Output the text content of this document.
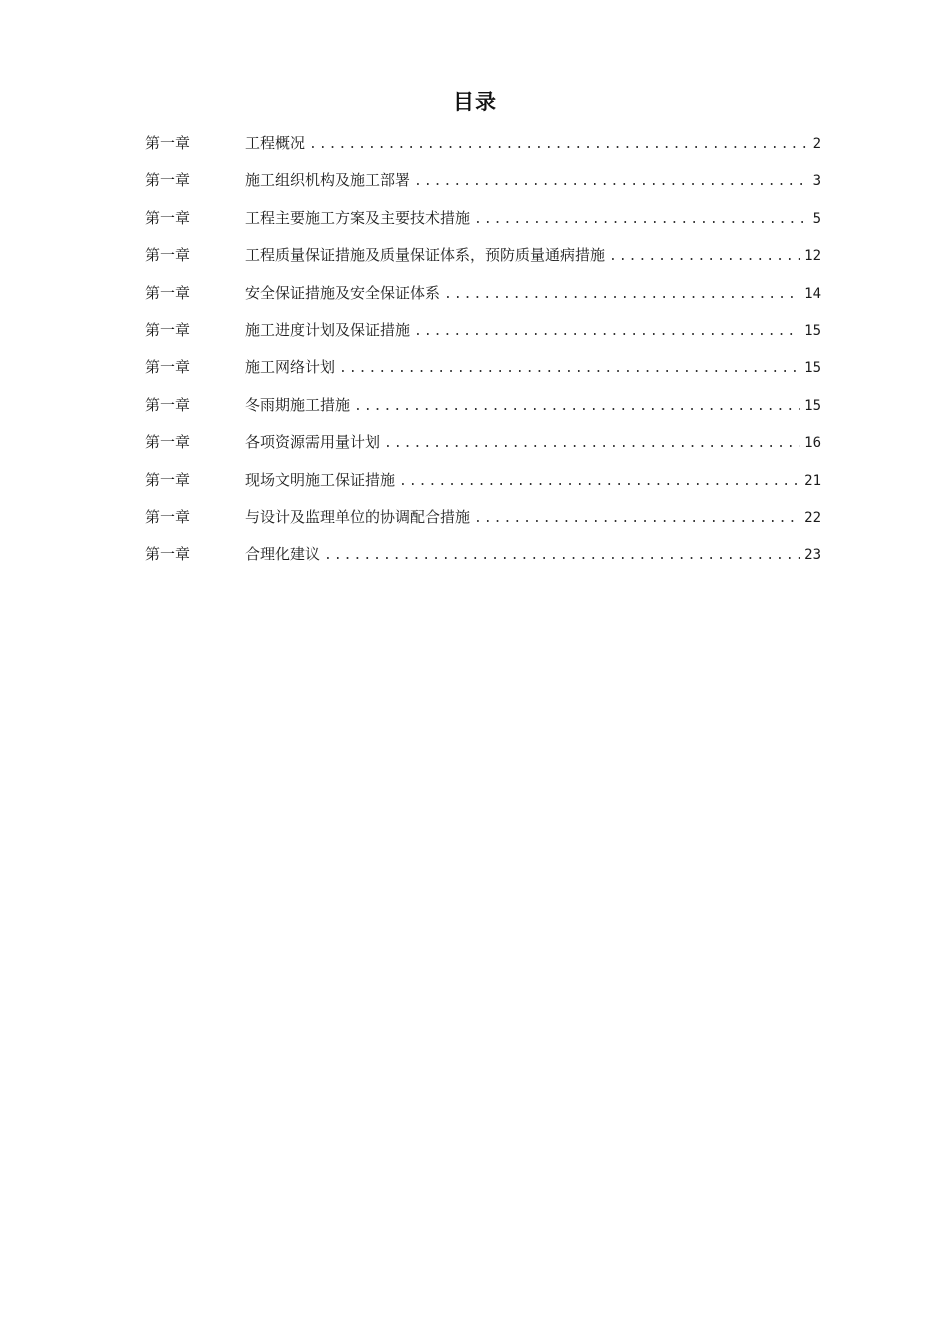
目录
第一章	工程概况 .....	2
第一章	施工组织机构及施工部署 .....	3
第一章	工程主要施工方案及主要技术措施 .....	5
第一章	工程质量保证措施及质量保证体系，预防质量通病措施 .....	12
第一章	安全保证措施及安全保证体系 .....	14
第一章	施工进度计划及保证措施 .....	15
第一章	施工网络计划 .....	15
第一章	冬雨期施工措施 .....	15
第一章	各项资源需用量计划 .....	16
第一章	现场文明施工保证措施 .....	21
第一章	与设计及监理单位的协调配合措施 .....	22
第一章	合理化建议 .....	23
